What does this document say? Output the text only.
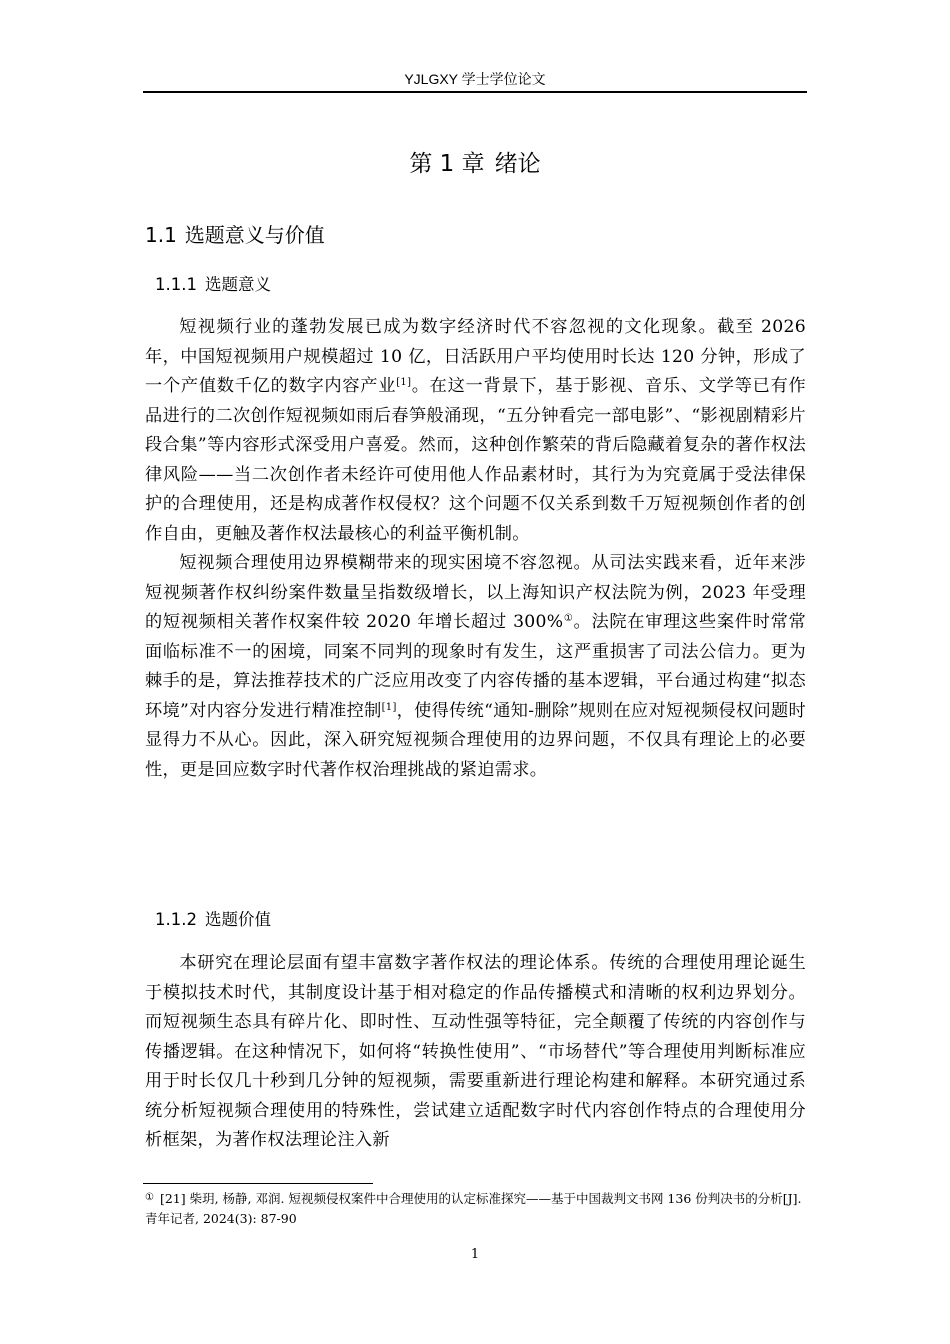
YJLGXY 学士学位论文
第 1 章 绪论
1.1 选题意义与价值
1.1.1 选题意义

短视频行业的蓬勃发展已成为数字经济时代不容忽视的文化现象。截至 2026 年，中国短视频用户规模超过 10 亿，日活跃用户平均使用时长达 120 分钟，形成了一个产值数千亿的数字内容产业[1]。在这一背景下，基于影视、音乐、文学等已有作品进行的二次创作短视频如雨后春笋般涌现，“五分钟看完一部电影”、“影视剧精彩片段合集”等内容形式深受用户喜爱。然而，这种创作繁荣的背后隐藏着复杂的著作权法律风险——当二次创作者未经许可使用他人作品素材时，其行为为究竟属于受法律保护的合理使用，还是构成著作权侵权？这个问题不仅关系到数千万短视频创作者的创作自由，更触及著作权法最核心的利益平衡机制。

短视频合理使用边界模糊带来的现实困境不容忽视。从司法实践来看，近年来涉短视频著作权纠纷案件数量呈指数级增长，以上海知识产权法院为例，2023 年受理的短视频相关著作权案件较 2020 年增长超过 300%①。法院在审理这些案件时常常面临标准不一的困境，同案不同判的现象时有发生，这严重损害了司法公信力。更为棘手的是，算法推荐技术的广泛应用改变了内容传播的基本逻辑，平台通过构建“拟态环境”对内容分发进行精准控制[1]，使得传统“通知-删除”规则在应对短视频侵权问题时显得力不从心。因此，深入研究短视频合理使用的边界问题，不仅具有理论上的必要性，更是回应数字时代著作权治理挑战的紧迫需求。

1.1.2 选题价值

本研究在理论层面有望丰富数字著作权法的理论体系。传统的合理使用理论诞生于模拟技术时代，其制度设计基于相对稳定的作品传播模式和清晰的权利边界划分。而短视频生态具有碎片化、即时性、互动性强等特征，完全颠覆了传统的内容创作与传播逻辑。在这种情况下，如何将“转换性使用”、“市场替代”等合理使用判断标准应用于时长仅几十秒到几分钟的短视频，需要重新进行理论构建和解释。本研究通过系统分析短视频合理使用的特殊性，尝试建立适配数字时代内容创作特点的合理使用分析框架，为著作权法理论注入新

① [21] 柴玥, 杨静, 邓润. 短视频侵权案件中合理使用的认定标准探究——基于中国裁判文书网 136 份判决书的分析[J]. 青年记者, 2024(3): 87-90
1
